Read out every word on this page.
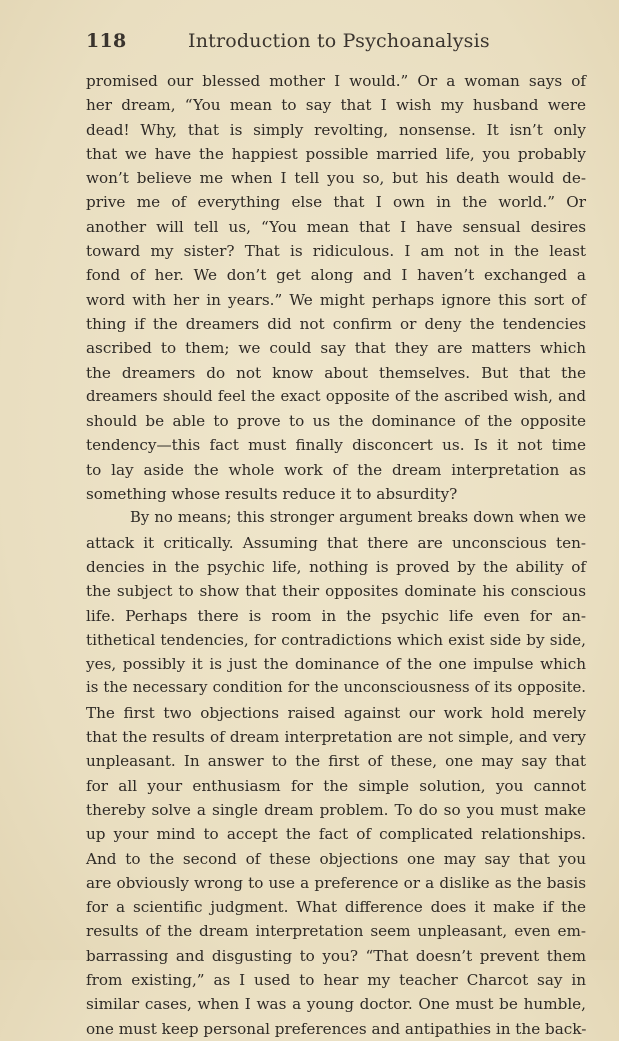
118	Introduction to Psychoanalysis
promised our blessed mother I would.” Or a woman says of
her dream, “You mean to say that I wish my husband were
dead! Why, that is simply revolting, nonsense. It isn’t only
that we have the happiest possible married life, you probably
won’t believe me when I tell you so, but his death would de-
prive me of everything else that I own in the world.” Or
another will tell us, “You mean that I have sensual desires
toward my sister? That is ridiculous. I am not in the least
fond of her. We don’t get along and I haven’t exchanged a
word with her in years.” We might perhaps ignore this sort of
thing if the dreamers did not confirm or deny the tendencies
ascribed to them; we could say that they are matters which
the dreamers do not know about themselves. But that the
dreamers should feel the exact opposite of the ascribed wish, and
should be able to prove to us the dominance of the opposite
tendency—this fact must finally disconcert us. Is it not time
to lay aside the whole work of the dream interpretation as
something whose results reduce it to absurdity?
By no means; this stronger argument breaks down when we
attack it critically. Assuming that there are unconscious ten-
dencies in the psychic life, nothing is proved by the ability of
the subject to show that their opposites dominate his conscious
life. Perhaps there is room in the psychic life even for an-
tithetical tendencies, for contradictions which exist side by side,
yes, possibly it is just the dominance of the one impulse which
is the necessary condition for the unconsciousness of its opposite.
The first two objections raised against our work hold merely
that the results of dream interpretation are not simple, and very
unpleasant. In answer to the first of these, one may say that
for all your enthusiasm for the simple solution, you cannot
thereby solve a single dream problem. To do so you must make
up your mind to accept the fact of complicated relationships.
And to the second of these objections one may say that you
are obviously wrong to use a preference or a dislike as the basis
for a scientific judgment. What difference does it make if the
results of the dream interpretation seem unpleasant, even em-
barrassing and disgusting to you? “That doesn’t prevent them
from existing,” as I used to hear my teacher Charcot say in
similar cases, when I was a young doctor. One must be humble,
one must keep personal preferences and antipathies in the back-
